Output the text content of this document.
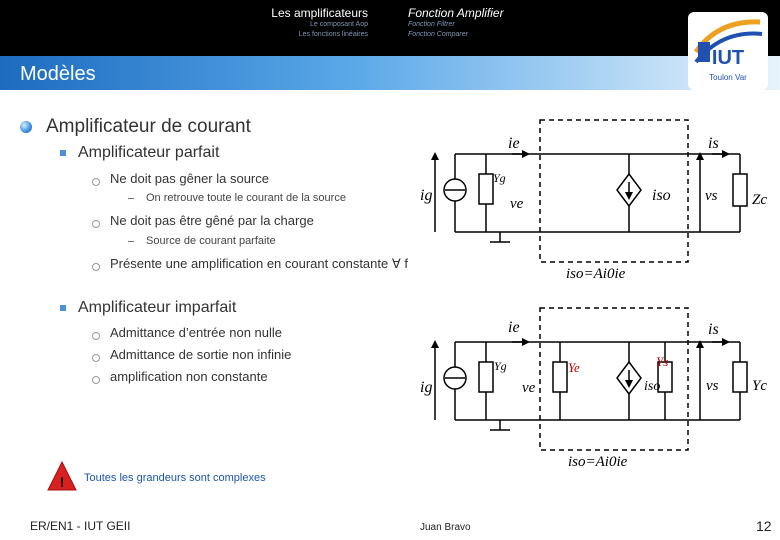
Les amplificateurs
Le composant Aop
Les fonctions linéaires
Fonction Amplifier
Fonction Filtrer
Fonction Comparer
Modèles
IUT
Toulon Var
Amplificateur de courant
Amplificateur parfait
Ne doit pas gêner la source
On retrouve toute le courant de la source
Ne doit pas être gêné par la charge
Source de courant parfaite
Présente une amplification en courant constante ∀ f
Amplificateur imparfait
Admittance d’entrée non nulle
Admittance de sortie non infinie
amplification non constante
ie	is
ig
Yg
ve	iso vs Zc
iso=Ai0ie
ie	is
ig
Yg
ve
Ye	Ys
iso	vs Yc
iso=Ai0ie
! Toutes les grandeurs sont complexes
ER/EN1 - IUT GEII	Juan Bravo	12
